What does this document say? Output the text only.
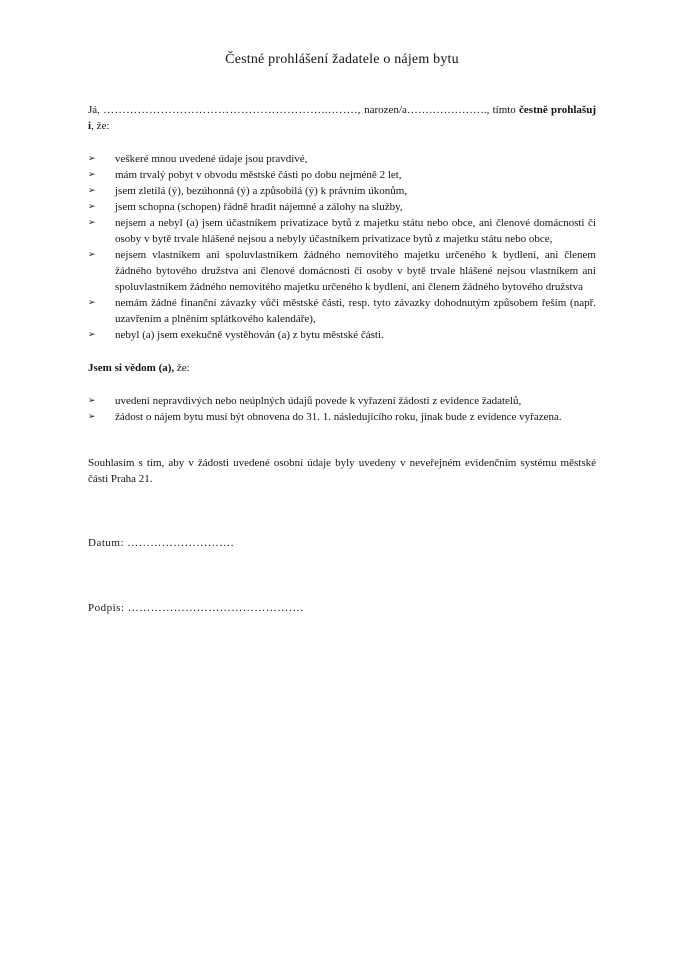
Čestné prohlášení žadatele o nájem bytu

Já, …………………………………………………...……., narozen/a…………………., tímto čestně prohlašuji, že:

➢	veškeré mnou uvedené údaje jsou pravdivé,
➢	mám trvalý pobyt v obvodu městské části po dobu nejméně 2 let,
➢	jsem zletilá (ý), bezúhonná (ý) a způsobilá (ý) k právním úkonům,
➢	jsem schopna (schopen) řádně hradit nájemné a zálohy na služby,
➢	nejsem a nebyl (a) jsem účastníkem privatizace bytů z majetku státu nebo obce, ani členové domácnosti či osoby v bytě trvale hlášené nejsou a nebyly účastníkem privatizace bytů z majetku státu nebo obce,
➢	nejsem vlastníkem ani spoluvlastníkem žádného nemovitého majetku určeného k bydlení, ani členem žádného bytového družstva ani členové domácnosti či osoby v bytě trvale hlášené nejsou vlastníkem ani spoluvlastníkem žádného nemovitého majetku určeného k bydlení, ani členem žádného bytového družstva
➢	nemám žádné finanční závazky vůči městské části, resp. tyto závazky dohodnutým způsobem řeším (např. uzavřením a plněním splátkového kalendáře),
➢	nebyl (a) jsem exekučně vystěhován (a) z bytu městské části.

Jsem si vědom (a), že:

➢	uvedení nepravdivých nebo neúplných údajů povede k vyřazení žádosti z evidence žadatelů,
➢	žádost o nájem bytu musí být obnovena do 31. 1. následujícího roku, jinak bude z evidence vyřazena.

Souhlasím s tím, aby v žádosti uvedené osobní údaje byly uvedeny v neveřejném evidenčním systému městské části Praha 21.

Datum: ……………………….

Podpis: ……………………………………….
